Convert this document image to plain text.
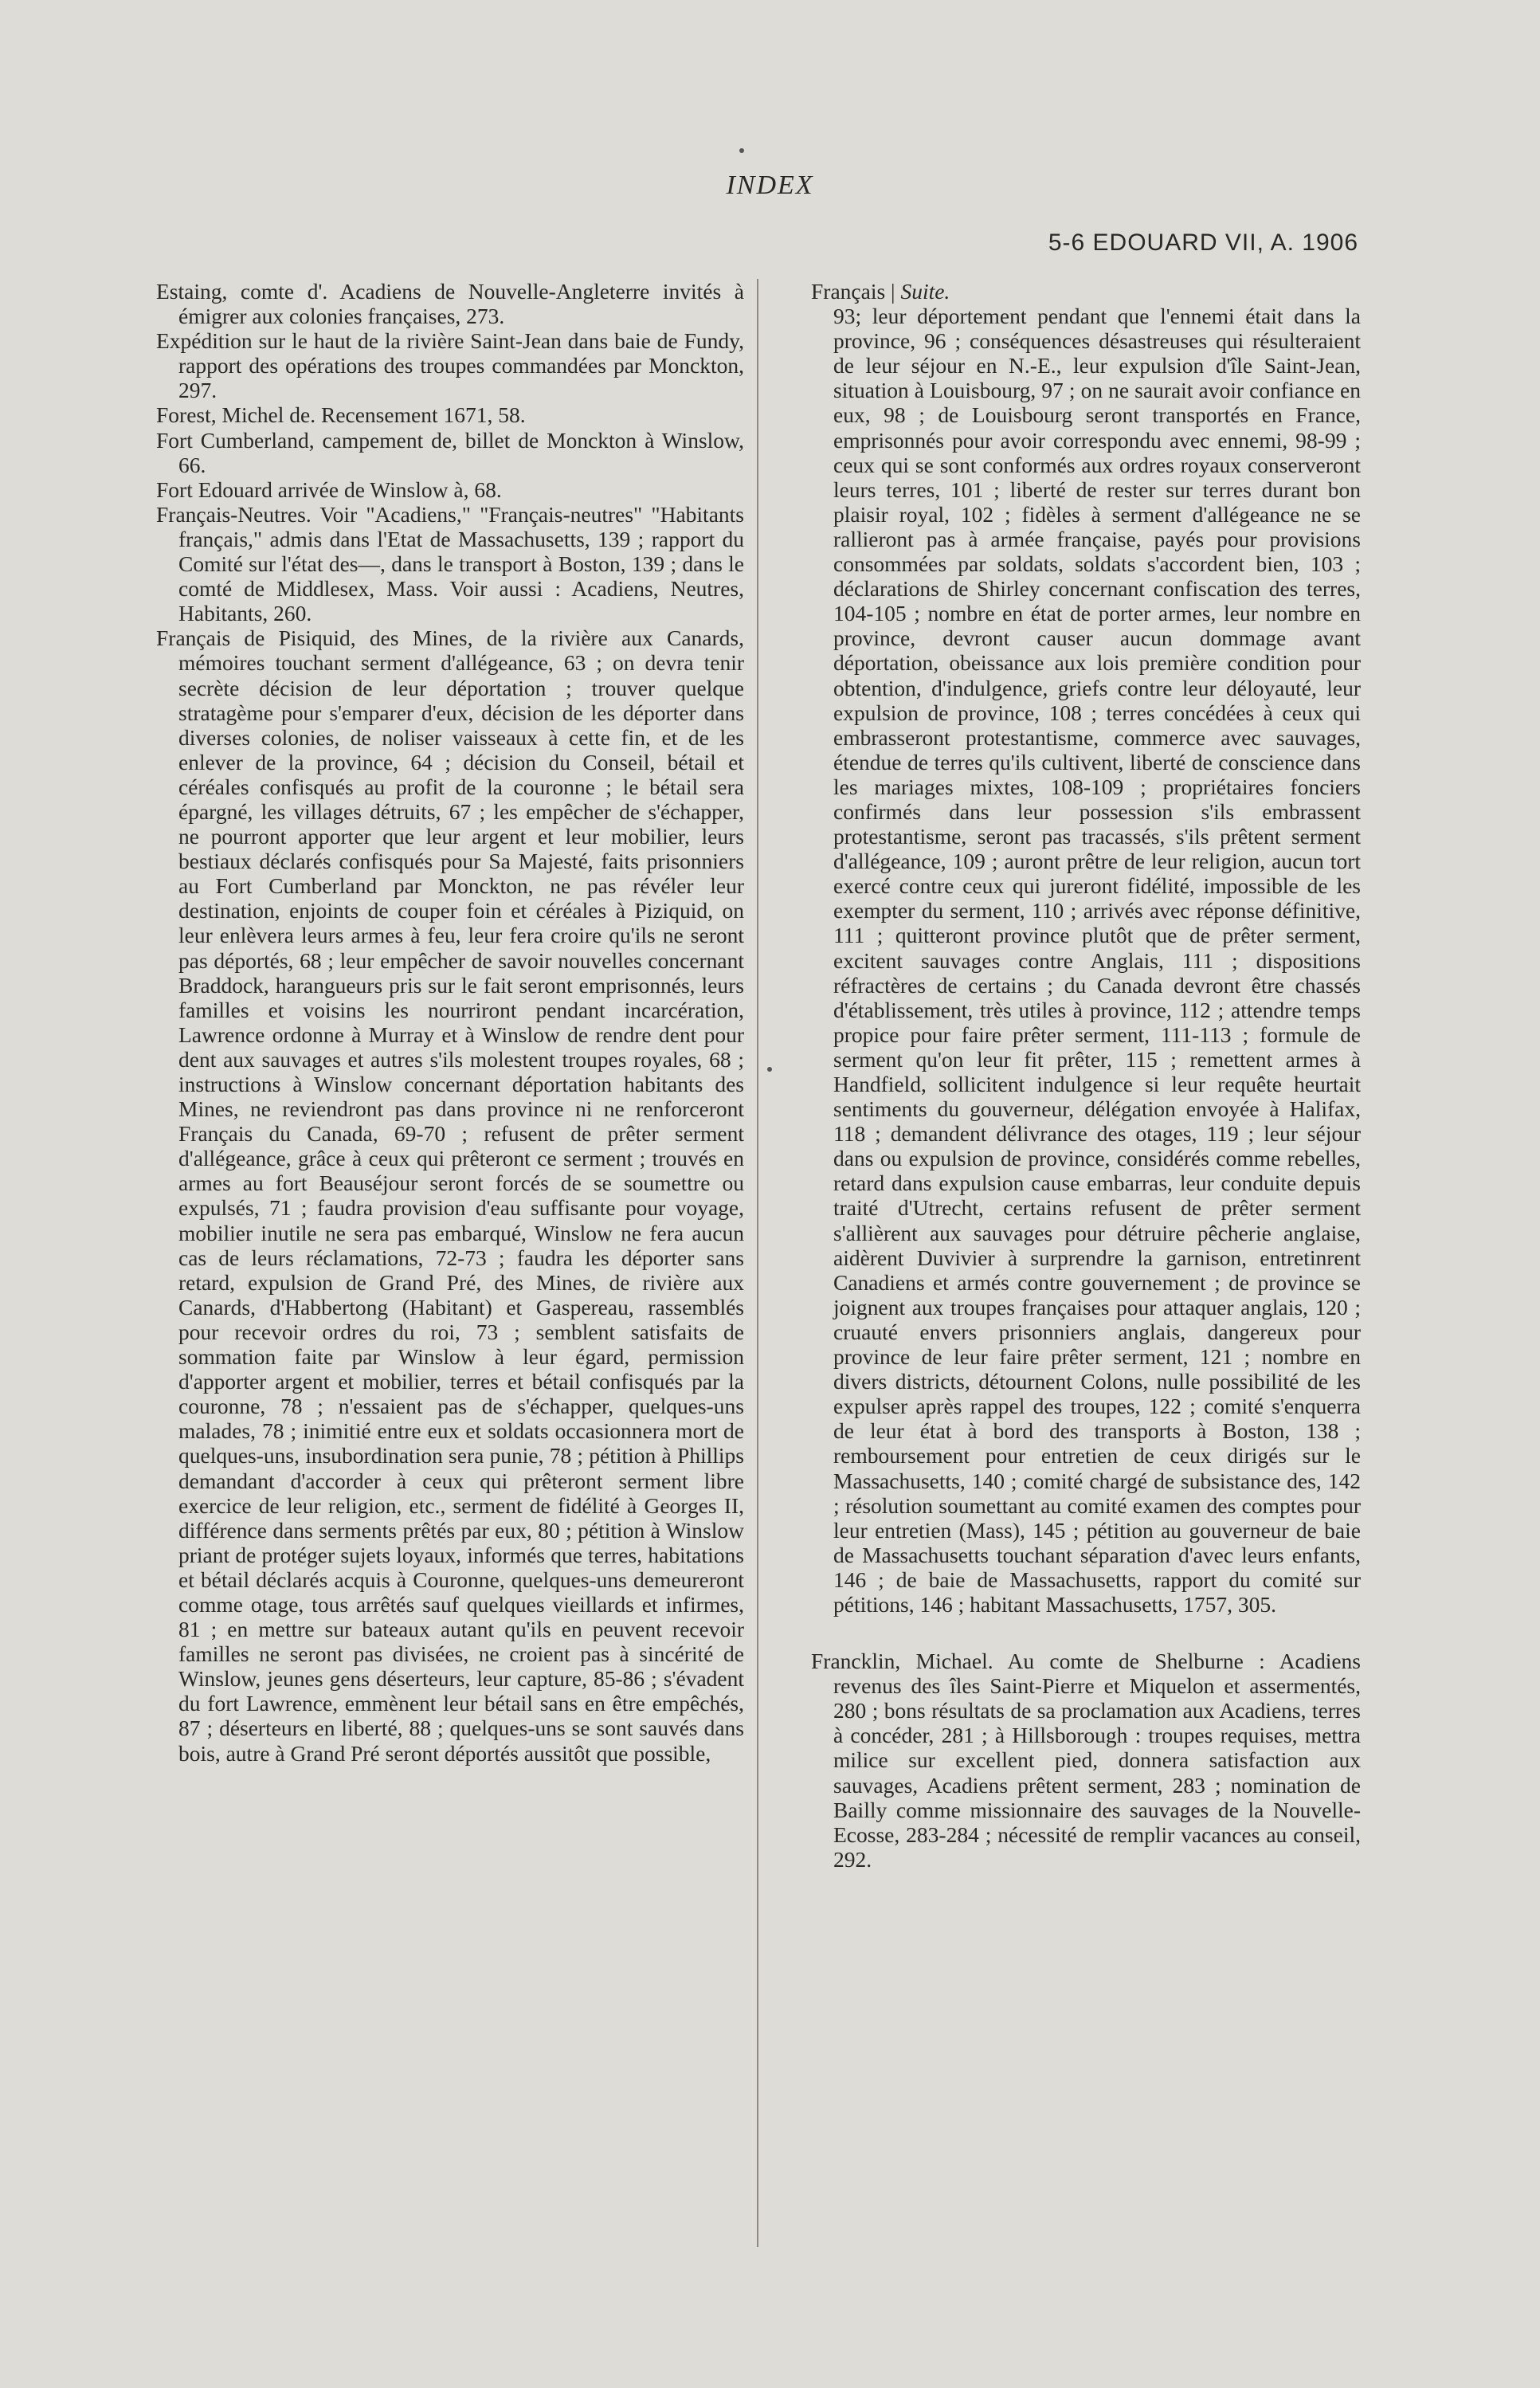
INDEX
5-6 EDOUARD VII, A. 1906

Estaing, comte d'. Acadiens de Nouvelle-Angleterre invités à émigrer aux colonies françaises, 273.

Expédition sur le haut de la rivière Saint-Jean dans baie de Fundy, rapport des opérations des troupes commandées par Monckton, 297.

Forest, Michel de. Recensement 1671, 58.

Fort Cumberland, campement de, billet de Monckton à Winslow, 66.

Fort Edouard arrivée de Winslow à, 68.

Français-Neutres. Voir "Acadiens," "Français-neutres" "Habitants français," admis dans l'Etat de Massachusetts, 139 ; rapport du Comité sur l'état des—, dans le transport à Boston, 139 ; dans le comté de Middlesex, Mass. Voir aussi : Acadiens, Neutres, Habitants, 260.

Français de Pisiquid, des Mines, de la rivière aux Canards, mémoires touchant serment d'allégeance, 63 ; on devra tenir secrète décision de leur déportation ; trouver quelque stratagème pour s'emparer d'eux, décision de les déporter dans diverses colonies, de noliser vaisseaux à cette fin, et de les enlever de la province, 64 ; décision du Conseil, bétail et céréales confisqués au profit de la couronne ; le bétail sera épargné, les villages détruits, 67 ; les empêcher de s'échapper, ne pourront apporter que leur argent et leur mobilier, leurs bestiaux déclarés confisqués pour Sa Majesté, faits prisonniers au Fort Cumberland par Monckton, ne pas révéler leur destination, enjoints de couper foin et céréales à Piziquid, on leur enlèvera leurs armes à feu, leur fera croire qu'ils ne seront pas déportés, 68 ; leur empêcher de savoir nouvelles concernant Braddock, harangueurs pris sur le fait seront emprisonnés, leurs familles et voisins les nourriront pendant incarcération, Lawrence ordonne à Murray et à Winslow de rendre dent pour dent aux sauvages et autres s'ils molestent troupes royales, 68 ; instructions à Winslow concernant déportation habitants des Mines, ne reviendront pas dans province ni ne renforceront Français du Canada, 69-70 ; refusent de prêter serment d'allégeance, grâce à ceux qui prêteront ce serment ; trouvés en armes au fort Beauséjour seront forcés de se soumettre ou expulsés, 71 ; faudra provision d'eau suffisante pour voyage, mobilier inutile ne sera pas embarqué, Winslow ne fera aucun cas de leurs réclamations, 72-73 ; faudra les déporter sans retard, expulsion de Grand Pré, des Mines, de rivière aux Canards, d'Habbertong (Habitant) et Gaspereau, rassemblés pour recevoir ordres du roi, 73 ; semblent satisfaits de sommation faite par Winslow à leur égard, permission d'apporter argent et mobilier, terres et bétail confisqués par la couronne, 78 ; n'essaient pas de s'échapper, quelques-uns malades, 78 ; inimitié entre eux et soldats occasionnera mort de quelques-uns, insubordination sera punie, 78 ; pétition à Phillips demandant d'accorder à ceux qui prêteront serment libre exercice de leur religion, etc., serment de fidélité à Georges II, différence dans serments prêtés par eux, 80 ; pétition à Winslow priant de protéger sujets loyaux, informés que terres, habitations et bétail déclarés acquis à Couronne, quelques-uns demeureront comme otage, tous arrêtés sauf quelques vieillards et infirmes, 81 ; en mettre sur bateaux autant qu'ils en peuvent recevoir familles ne seront pas divisées, ne croient pas à sincérité de Winslow, jeunes gens déserteurs, leur capture, 85-86 ; s'évadent du fort Lawrence, emmènent leur bétail sans en être empêchés, 87 ; déserteurs en liberté, 88 ; quelques-uns se sont sauvés dans bois, autre à Grand Pré seront déportés aussitôt que possible,

Français | Suite.

93; leur déportement pendant que l'ennemi était dans la province, 96 ; conséquences désastreuses qui résulteraient de leur séjour en N.-E., leur expulsion d'île Saint-Jean, situation à Louisbourg, 97 ; on ne saurait avoir confiance en eux, 98 ; de Louisbourg seront transportés en France, emprisonnés pour avoir correspondu avec ennemi, 98-99 ; ceux qui se sont conformés aux ordres royaux conserveront leurs terres, 101 ; liberté de rester sur terres durant bon plaisir royal, 102 ; fidèles à serment d'allégeance ne se rallieront pas à armée française, payés pour provisions consommées par soldats, soldats s'accordent bien, 103 ; déclarations de Shirley concernant confiscation des terres, 104-105 ; nombre en état de porter armes, leur nombre en province, devront causer aucun dommage avant déportation, obeissance aux lois première condition pour obtention, d'indulgence, griefs contre leur déloyauté, leur expulsion de province, 108 ; terres concédées à ceux qui embrasseront protestantisme, commerce avec sauvages, étendue de terres qu'ils cultivent, liberté de conscience dans les mariages mixtes, 108-109 ; propriétaires fonciers confirmés dans leur possession s'ils embrassent protestantisme, seront pas tracassés, s'ils prêtent serment d'allégeance, 109 ; auront prêtre de leur religion, aucun tort exercé contre ceux qui jureront fidélité, impossible de les exempter du serment, 110 ; arrivés avec réponse définitive, 111 ; quitteront province plutôt que de prêter serment, excitent sauvages contre Anglais, 111 ; dispositions réfractères de certains ; du Canada devront être chassés d'établissement, très utiles à province, 112 ; attendre temps propice pour faire prêter serment, 111-113 ; formule de serment qu'on leur fit prêter, 115 ; remettent armes à Handfield, sollicitent indulgence si leur requête heurtait sentiments du gouverneur, délégation envoyée à Halifax, 118 ; demandent délivrance des otages, 119 ; leur séjour dans ou expulsion de province, considérés comme rebelles, retard dans expulsion cause embarras, leur conduite depuis traité d'Utrecht, certains refusent de prêter serment s'allièrent aux sauvages pour détruire pêcherie anglaise, aidèrent Duvivier à surprendre la garnison, entretinrent Canadiens et armés contre gouvernement ; de province se joignent aux troupes françaises pour attaquer anglais, 120 ; cruauté envers prisonniers anglais, dangereux pour province de leur faire prêter serment, 121 ; nombre en divers districts, détournent Colons, nulle possibilité de les expulser après rappel des troupes, 122 ; comité s'enquerra de leur état à bord des transports à Boston, 138 ; remboursement pour entretien de ceux dirigés sur le Massachusetts, 140 ; comité chargé de subsistance des, 142 ; résolution soumettant au comité examen des comptes pour leur entretien (Mass), 145 ; pétition au gouverneur de baie de Massachusetts touchant séparation d'avec leurs enfants, 146 ; de baie de Massachusetts, rapport du comité sur pétitions, 146 ; habitant Massachusetts, 1757, 305.

Francklin, Michael. Au comte de Shelburne : Acadiens revenus des îles Saint-Pierre et Miquelon et assermentés, 280 ; bons résultats de sa proclamation aux Acadiens, terres à concéder, 281 ; à Hillsborough : troupes requises, mettra milice sur excellent pied, donnera satisfaction aux sauvages, Acadiens prêtent serment, 283 ; nomination de Bailly comme missionnaire des sauvages de la Nouvelle-Ecosse, 283-284 ; nécessité de remplir vacances au conseil, 292.
